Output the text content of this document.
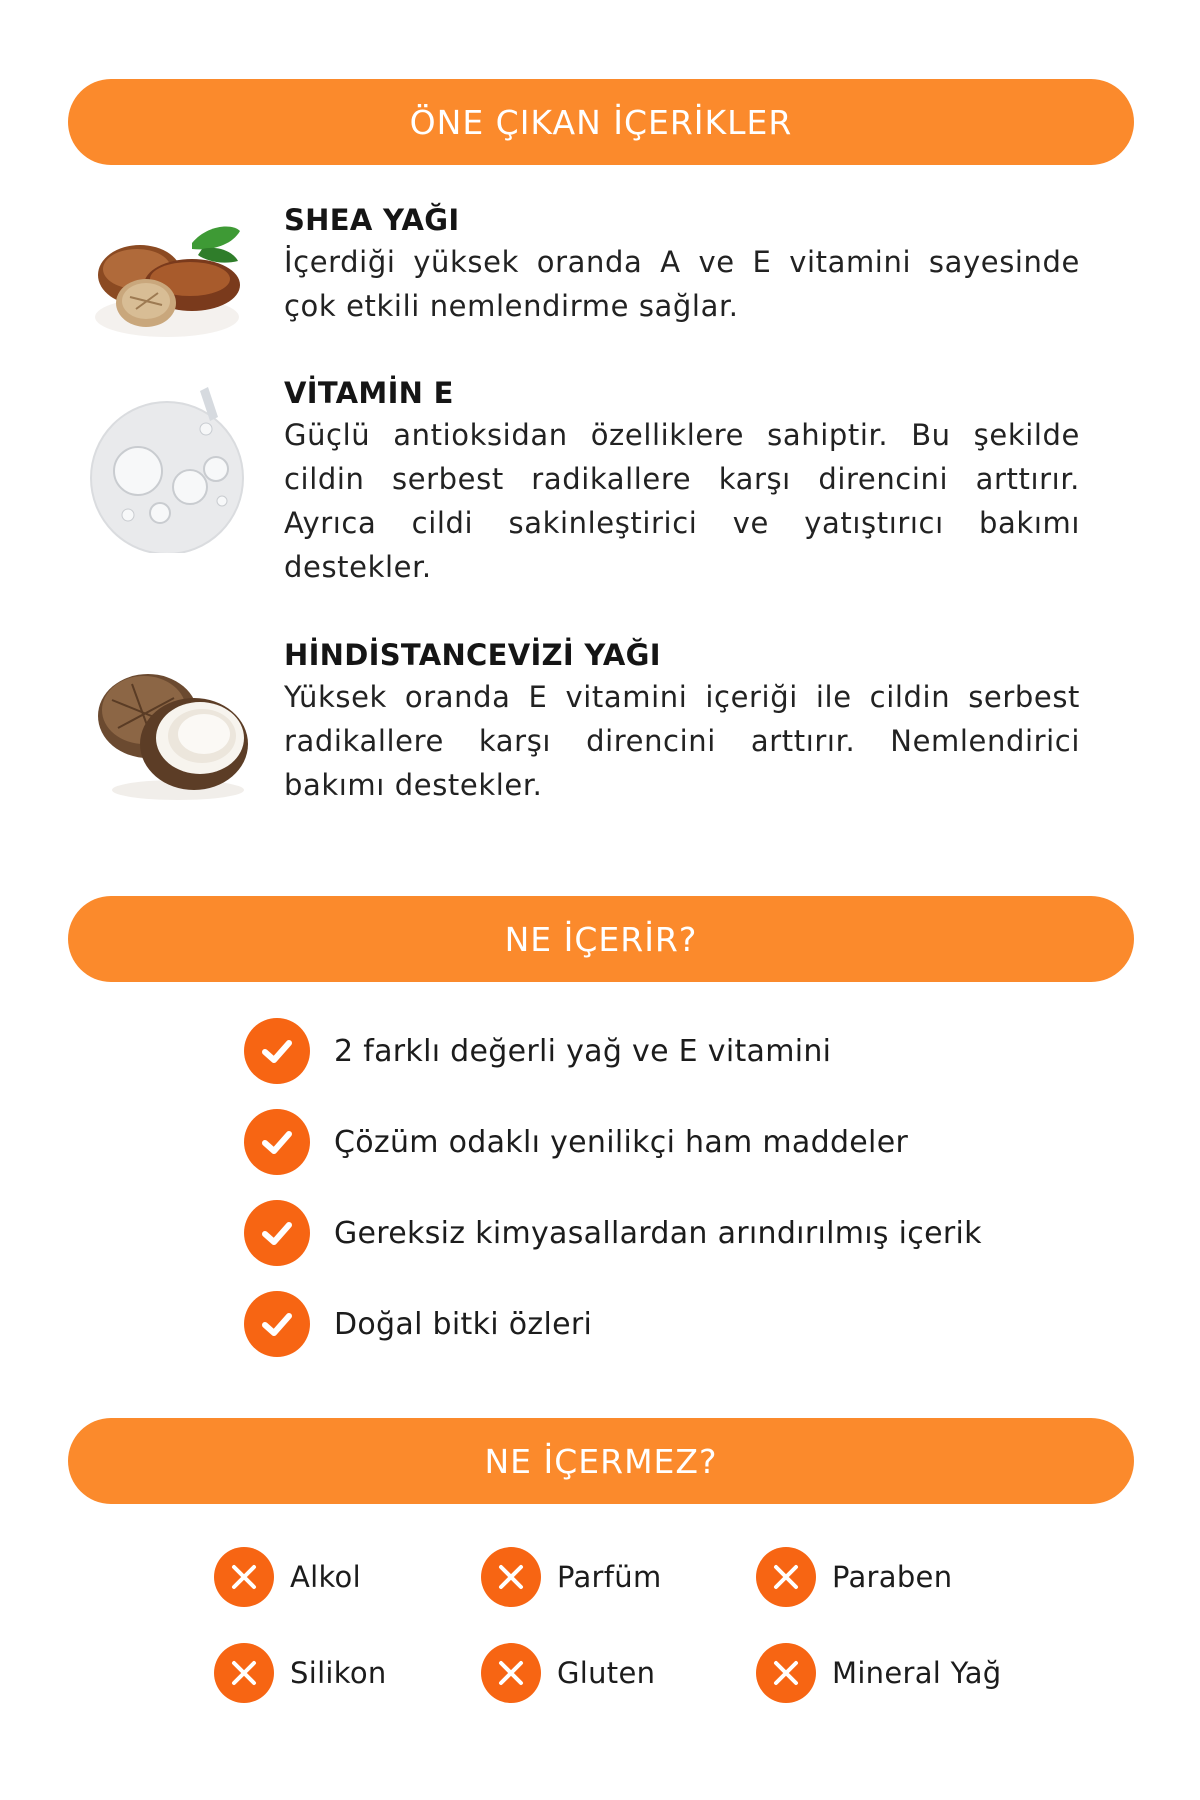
ÖNE ÇIKAN İÇERİKLER
SHEA YAĞI

İçerdiği yüksek oranda A ve E vitamini sayesinde çok etkili nemlendirme sağlar.

VİTAMİN E

Güçlü antioksidan özelliklere sahiptir. Bu şekilde cildin serbest radikallere karşı direncini arttırır. Ayrıca cildi sakinleştirici ve yatıştırıcı bakımı destekler.

HİNDİSTANCEVİZİ YAĞI

Yüksek oranda E vitamini içeriği ile cildin serbest radikallere karşı direncini arttırır. Nemlendirici bakımı destekler.

NE İÇERİR?
2 farklı değerli yağ ve E vitamini
Çözüm odaklı yenilikçi ham maddeler
Gereksiz kimyasallardan arındırılmış içerik
Doğal bitki özleri
NE İÇERMEZ?
Alkol	Parfüm	Paraben
Silikon	Gluten	Mineral Yağ
